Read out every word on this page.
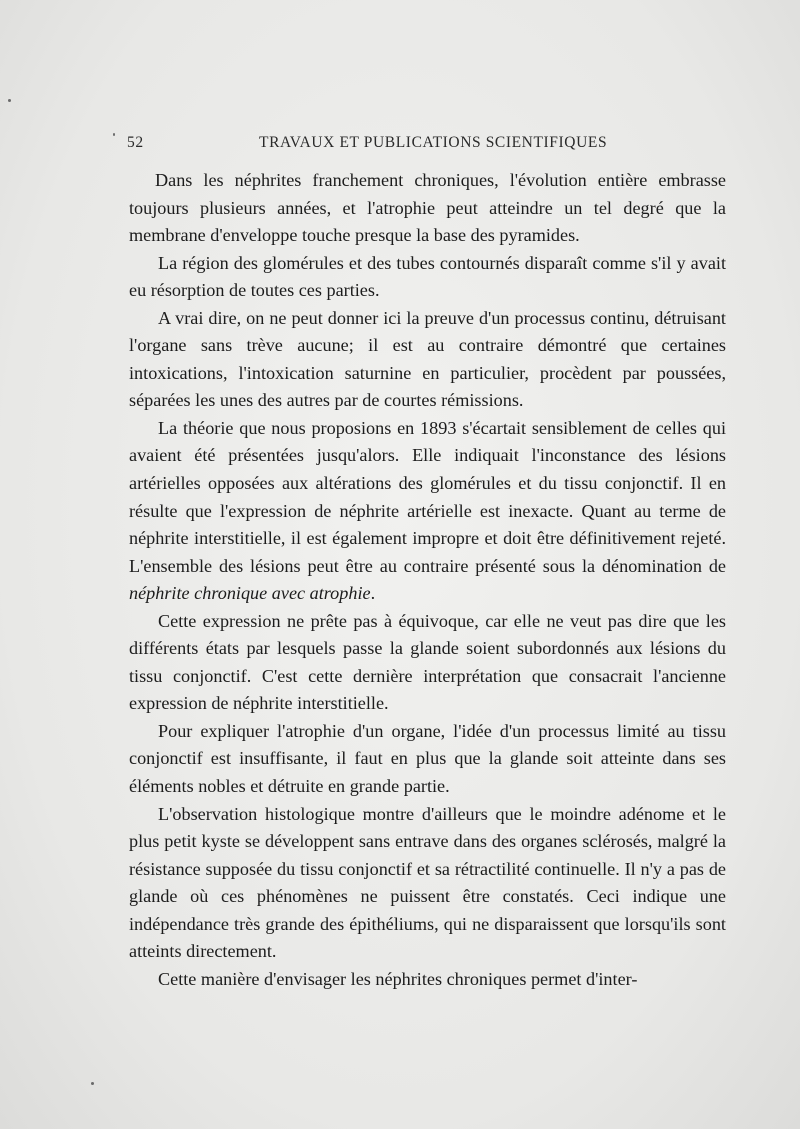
52	TRAVAUX ET PUBLICATIONS SCIENTIFIQUES

Dans les néphrites franchement chroniques, l'évolution entière embrasse toujours plusieurs années, et l'atrophie peut atteindre un tel degré que la membrane d'enveloppe touche presque la base des pyramides.

La région des glomérules et des tubes contournés disparaît comme s'il y avait eu résorption de toutes ces parties.

A vrai dire, on ne peut donner ici la preuve d'un processus continu, détruisant l'organe sans trève aucune; il est au contraire démontré que certaines intoxications, l'intoxication saturnine en particulier, procèdent par poussées, séparées les unes des autres par de courtes rémissions.

La théorie que nous proposions en 1893 s'écartait sensiblement de celles qui avaient été présentées jusqu'alors. Elle indiquait l'inconstance des lésions artérielles opposées aux altérations des glomérules et du tissu conjonctif. Il en résulte que l'expression de néphrite artérielle est inexacte. Quant au terme de néphrite interstitielle, il est également impropre et doit être définitivement rejeté. L'ensemble des lésions peut être au contraire présenté sous la dénomination de néphrite chronique avec atrophie.

Cette expression ne prête pas à équivoque, car elle ne veut pas dire que les différents états par lesquels passe la glande soient subordonnés aux lésions du tissu conjonctif. C'est cette dernière interprétation que consacrait l'ancienne expression de néphrite interstitielle.

Pour expliquer l'atrophie d'un organe, l'idée d'un processus limité au tissu conjonctif est insuffisante, il faut en plus que la glande soit atteinte dans ses éléments nobles et détruite en grande partie.

L'observation histologique montre d'ailleurs que le moindre adénome et le plus petit kyste se développent sans entrave dans des organes sclérosés, malgré la résistance supposée du tissu conjonctif et sa rétractilité continuelle. Il n'y a pas de glande où ces phénomènes ne puissent être constatés. Ceci indique une indépendance très grande des épithéliums, qui ne disparaissent que lorsqu'ils sont atteints directement.

Cette manière d'envisager les néphrites chroniques permet d'inter-
